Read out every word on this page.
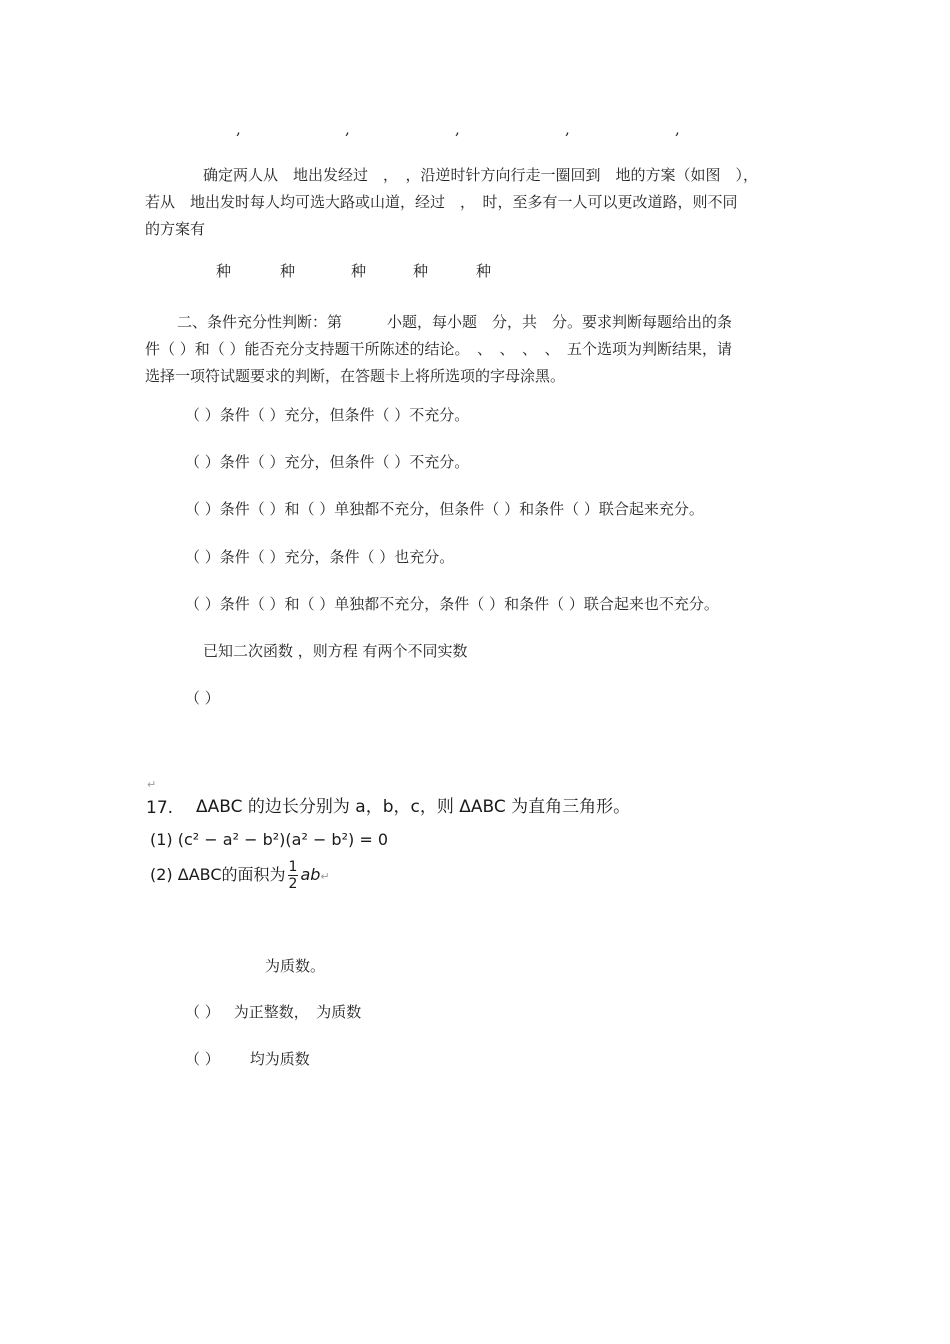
,	,	,	,	,
确定两人从　地出发经过　，　，沿逆时针方向行走一圈回到　地的方案（如图　），
若从　地出发时每人均可选大路或山道，经过　，　时，至多有一人可以更改道路，则不同
的方案有
种	种	种	种	种
二、条件充分性判断：第　　　小题，每小题　分，共　分。要求判断每题给出的条
件（ ）和（ ）能否充分支持题干所陈述的结论。　、　、　、　、　五个选项为判断结果，请
选择一项符试题要求的判断，在答题卡上将所选项的字母涂黑。
（ ）条件（ ）充分，但条件（ ）不充分。
（ ）条件（ ）充分，但条件（ ）不充分。
（ ）条件（ ）和（ ）单独都不充分，但条件（ ）和条件（ ）联合起来充分。
（ ）条件（ ）充分，条件（ ）也充分。
（ ）条件（ ）和（ ）单独都不充分，条件（ ）和条件（ ）联合起来也不充分。
已知二次函数 ，则方程 有两个不同实数
（ ）
↵
17. ΔABC 的边长分别为 a，b，c，则 ΔABC 为直角三角形。
(1) (c² − a² − b²)(a² − b²) = 0
(2) ΔABC的面积为 $\frac{1}{2}$ ab↵
为质数。
（ ） 为正整数，　为质数
（ ） 均为质数
